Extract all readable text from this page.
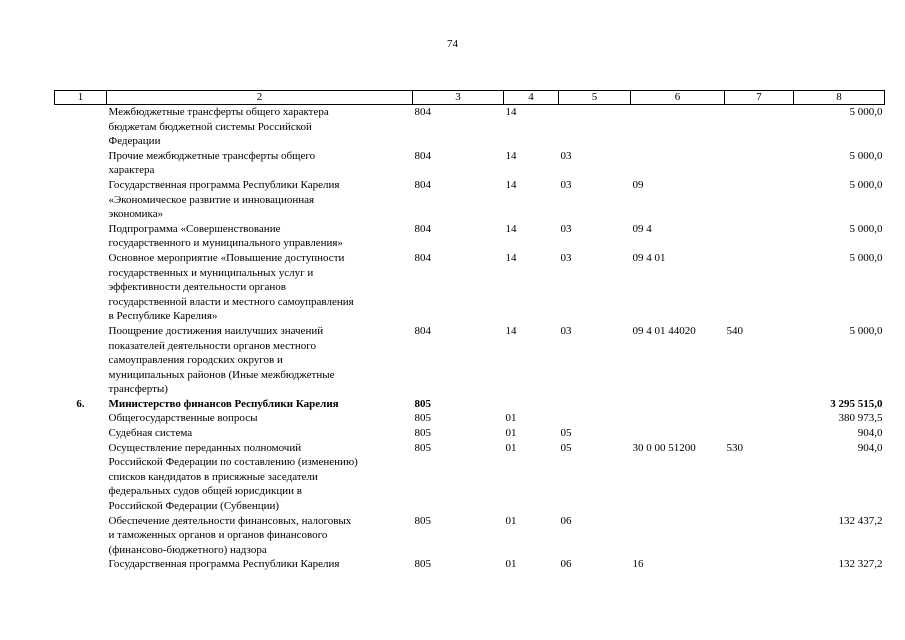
74
1	2	3	4	5	6	7	8
	Межбюджетные трансферты общего характера
бюджетам бюджетной системы Российской
Федерации	804	14				5 000,0
	Прочие межбюджетные трансферты общего
характера	804	14	03			5 000,0
	Государственная программа Республики Карелия
«Экономическое развитие и инновационная
экономика»	804	14	03	09		5 000,0
	Подпрограмма «Совершенствование
государственного и муниципального управления»	804	14	03	09 4		5 000,0
	Основное мероприятие «Повышение доступности
государственных и муниципальных услуг и
эффективности деятельности органов
государственной власти и местного самоуправления
в Республике Карелия»	804	14	03	09 4 01		5 000,0
	Поощрение достижения наилучших значений
показателей деятельности органов местного
самоуправления городских округов и
муниципальных районов (Иные межбюджетные
трансферты)	804	14	03	09 4 01 44020	540	5 000,0
6.	Министерство финансов Республики Карелия	805					3 295 515,0
	Общегосударственные вопросы	805	01				380 973,5
	Судебная система	805	01	05			904,0
	Осуществление переданных полномочий
Российской Федерации по составлению (изменению)
списков кандидатов в присяжные заседатели
федеральных судов общей юрисдикции в
Российской Федерации (Субвенции)	805	01	05	30 0 00 51200	530	904,0
	Обеспечение деятельности финансовых, налоговых
и таможенных органов и органов финансового
(финансово-бюджетного) надзора	805	01	06			132 437,2
	Государственная программа Республики Карелия	805	01	06	16		132 327,2
